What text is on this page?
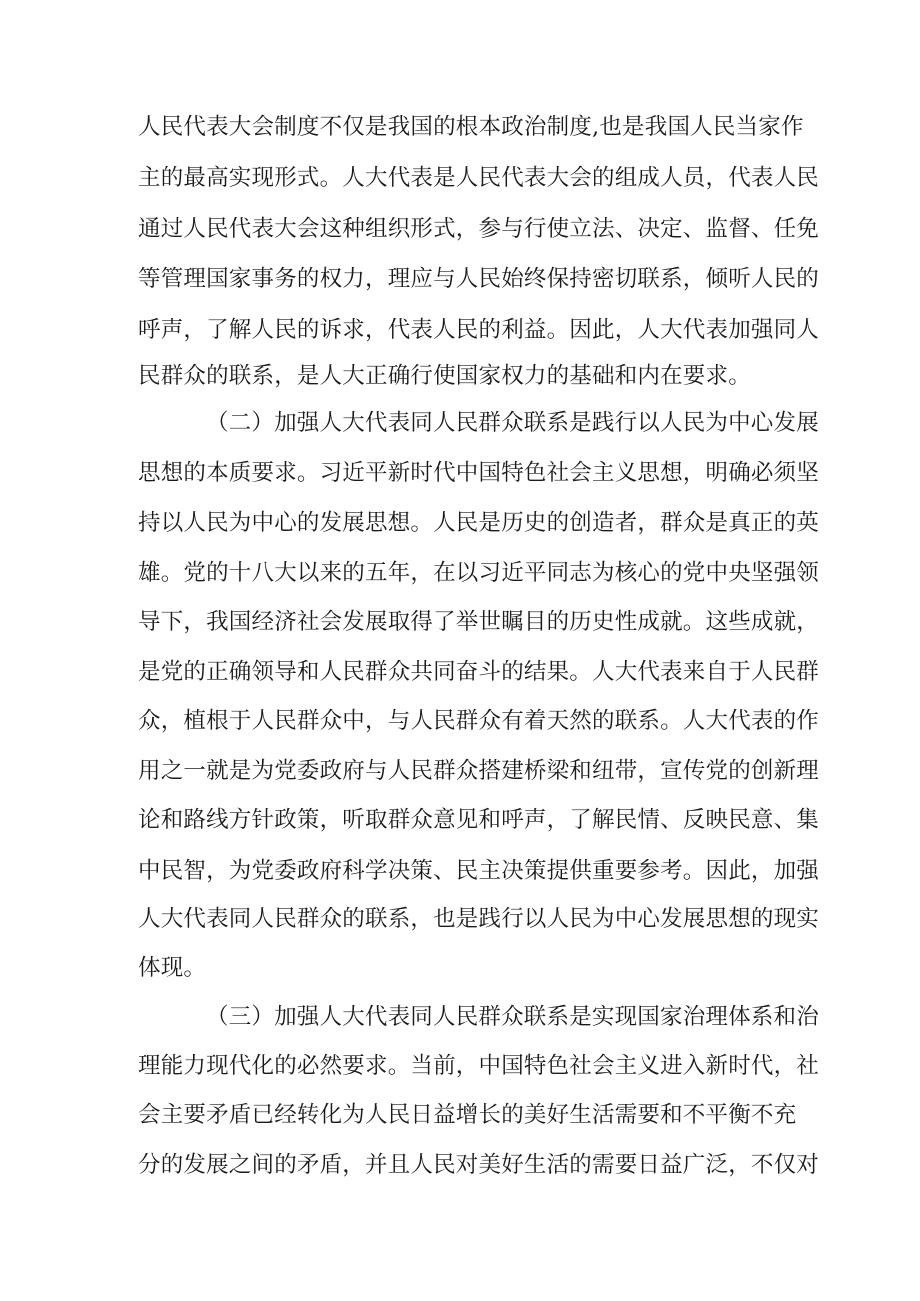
人民代表大会制度不仅是我国的根本政治制度,也是我国人民当家作
主的最高实现形式。人大代表是人民代表大会的组成人员，代表人民
通过人民代表大会这种组织形式，参与行使立法、决定、监督、任免
等管理国家事务的权力，理应与人民始终保持密切联系，倾听人民的
呼声，了解人民的诉求，代表人民的利益。因此，人大代表加强同人
民群众的联系，是人大正确行使国家权力的基础和内在要求。
（二）加强人大代表同人民群众联系是践行以人民为中心发展
思想的本质要求。习近平新时代中国特色社会主义思想，明确必须坚
持以人民为中心的发展思想。人民是历史的创造者，群众是真正的英
雄。党的十八大以来的五年，在以习近平同志为核心的党中央坚强领
导下，我国经济社会发展取得了举世瞩目的历史性成就。这些成就，
是党的正确领导和人民群众共同奋斗的结果。人大代表来自于人民群
众，植根于人民群众中，与人民群众有着天然的联系。人大代表的作
用之一就是为党委政府与人民群众搭建桥梁和纽带，宣传党的创新理
论和路线方针政策，听取群众意见和呼声，了解民情、反映民意、集
中民智，为党委政府科学决策、民主决策提供重要参考。因此，加强
人大代表同人民群众的联系，也是践行以人民为中心发展思想的现实
体现。
（三）加强人大代表同人民群众联系是实现国家治理体系和治
理能力现代化的必然要求。当前，中国特色社会主义进入新时代，社
会主要矛盾已经转化为人民日益增长的美好生活需要和不平衡不充
分的发展之间的矛盾，并且人民对美好生活的需要日益广泛，不仅对
